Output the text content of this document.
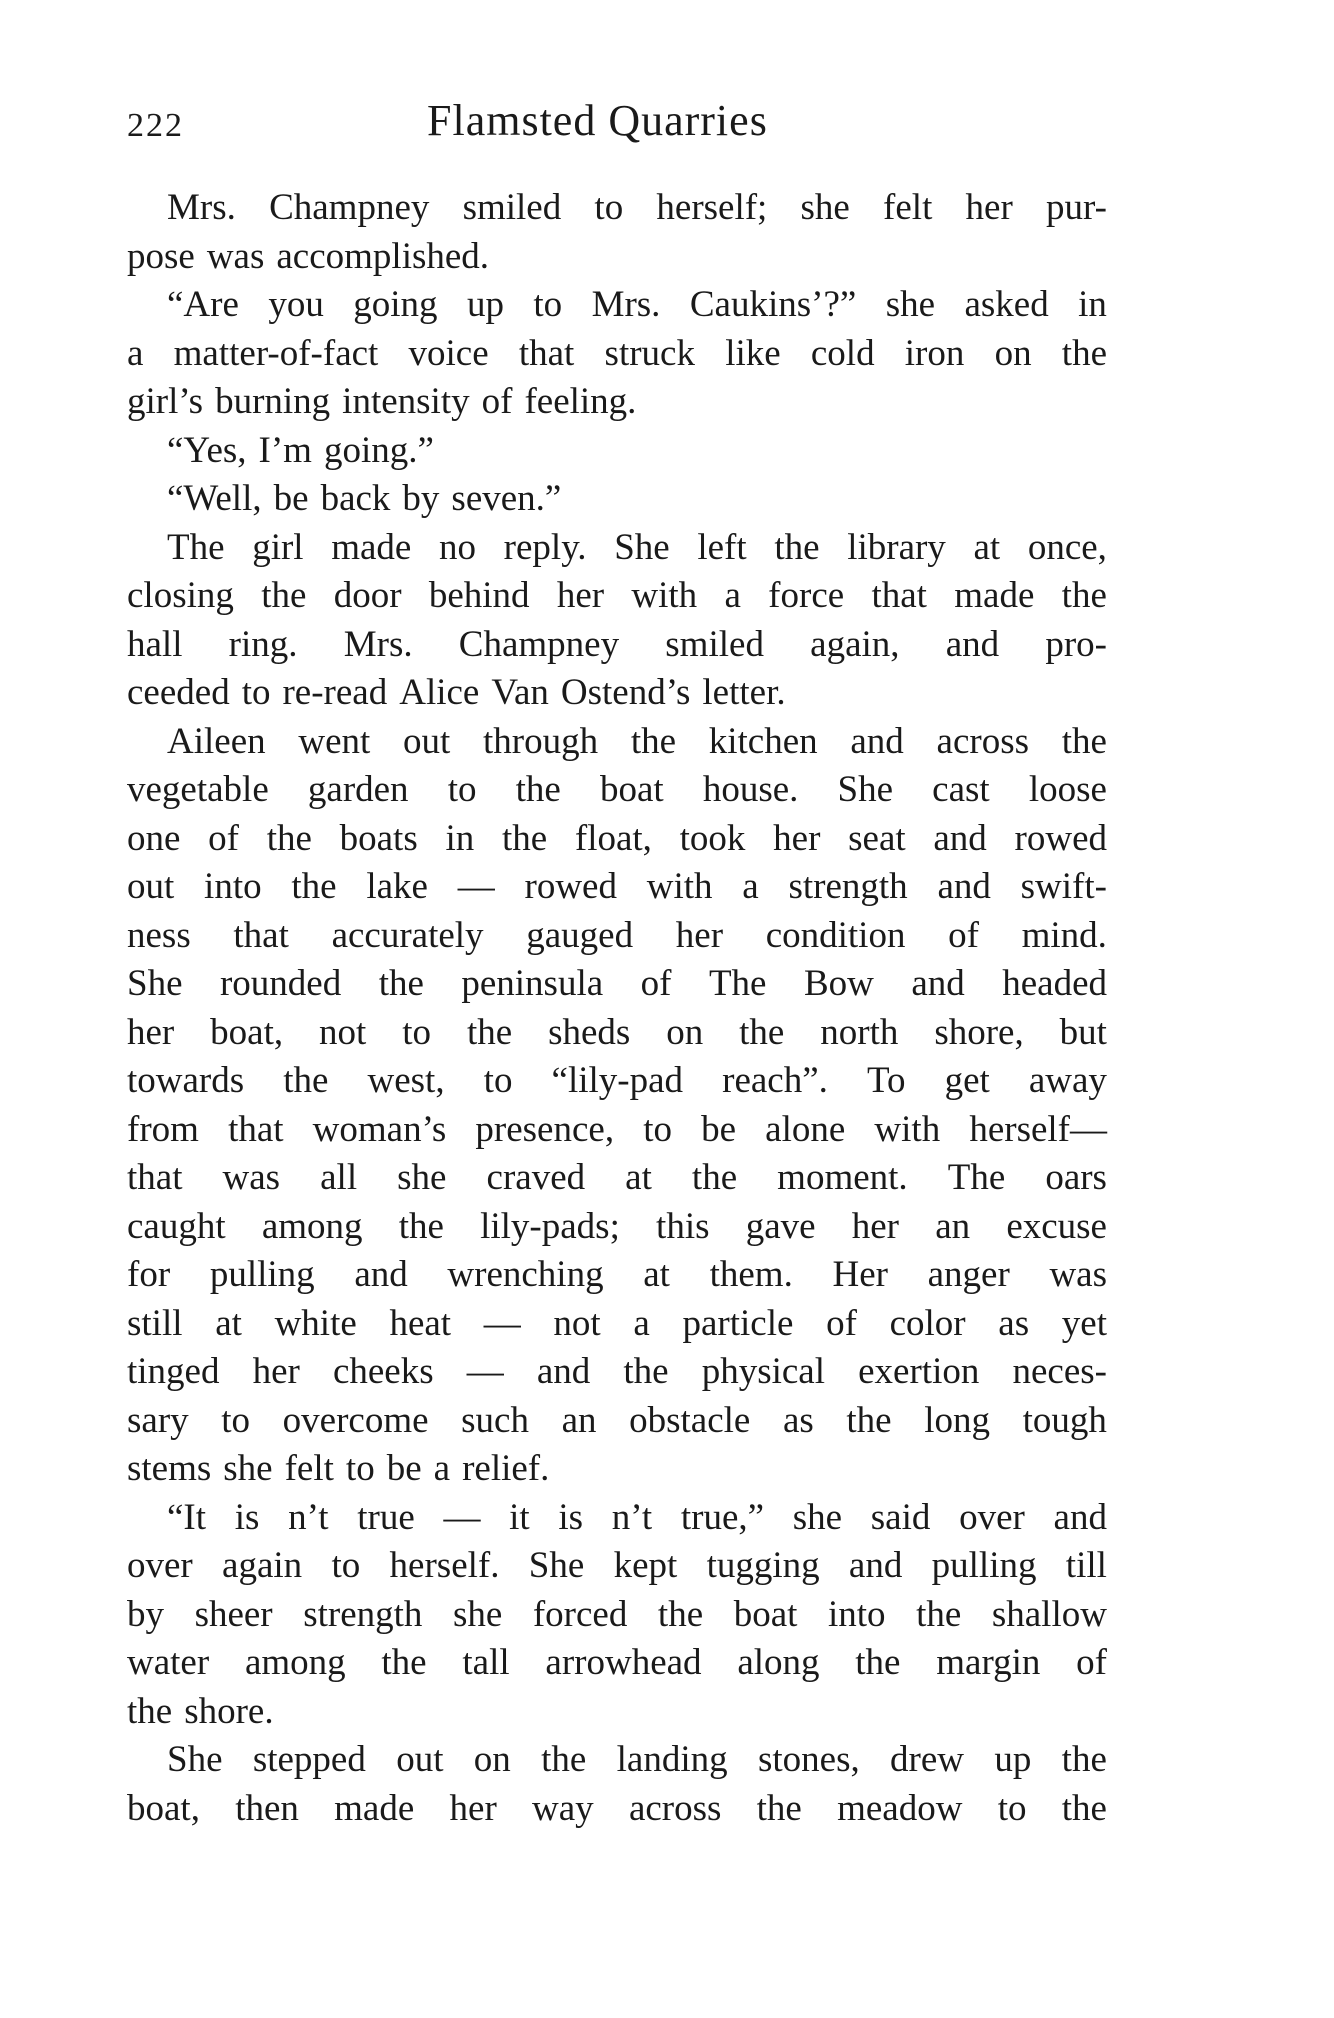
222	Flamsted Quarries
Mrs. Champney smiled to herself; she felt her pur-
pose was accomplished.
“Are you going up to Mrs. Caukins’?” she asked in
a matter-of-fact voice that struck like cold iron on the
girl’s burning intensity of feeling.
“Yes, I’m going.”
“Well, be back by seven.”
The girl made no reply. She left the library at once,
closing the door behind her with a force that made the
hall ring. Mrs. Champney smiled again, and pro-
ceeded to re-read Alice Van Ostend’s letter.
Aileen went out through the kitchen and across the
vegetable garden to the boat house. She cast loose
one of the boats in the float, took her seat and rowed
out into the lake — rowed with a strength and swift-
ness that accurately gauged her condition of mind.
She rounded the peninsula of The Bow and headed
her boat, not to the sheds on the north shore, but
towards the west, to “lily-pad reach”. To get away
from that woman’s presence, to be alone with herself—
that was all she craved at the moment. The oars
caught among the lily-pads; this gave her an excuse
for pulling and wrenching at them. Her anger was
still at white heat — not a particle of color as yet
tinged her cheeks — and the physical exertion neces-
sary to overcome such an obstacle as the long tough
stems she felt to be a relief.
“It is n’t true — it is n’t true,” she said over and
over again to herself. She kept tugging and pulling till
by sheer strength she forced the boat into the shallow
water among the tall arrowhead along the margin of
the shore.
She stepped out on the landing stones, drew up the
boat, then made her way across the meadow to the
